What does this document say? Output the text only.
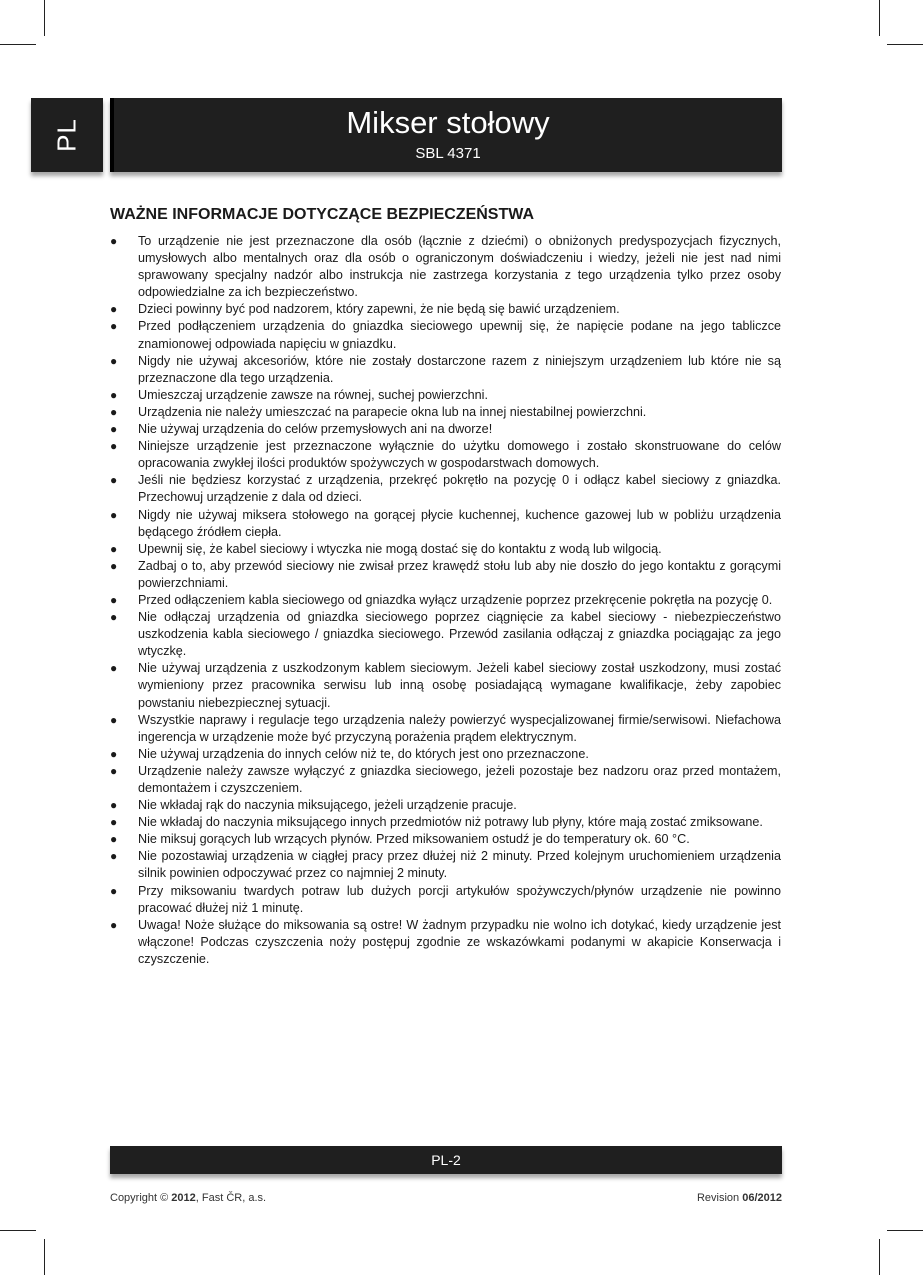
PL	Mikser stołowy
SBL 4371
WAŻNE INFORMACJE DOTYCZĄCE BEZPIECZEŃSTWA
● To urządzenie nie jest przeznaczone dla osób (łącznie z dziećmi) o obniżonych predyspozycjach fizycznych, umysłowych albo mentalnych oraz dla osób o ograniczonym doświadczeniu i wiedzy, jeżeli nie jest nad nimi sprawowany specjalny nadzór albo instrukcja nie zastrzega korzystania z tego urządzenia tylko przez osoby odpowiedzialne za ich bezpieczeństwo.
● Dzieci powinny być pod nadzorem, który zapewni, że nie będą się bawić urządzeniem.
● Przed podłączeniem urządzenia do gniazdka sieciowego upewnij się, że napięcie podane na jego tabliczce znamionowej odpowiada napięciu w gniazdku.
● Nigdy nie używaj akcesoriów, które nie zostały dostarczone razem z niniejszym urządzeniem lub które nie są przeznaczone dla tego urządzenia.
● Umieszczaj urządzenie zawsze na równej, suchej powierzchni.
● Urządzenia nie należy umieszczać na parapecie okna lub na innej niestabilnej powierzchni.
● Nie używaj urządzenia do celów przemysłowych ani na dworze!
● Niniejsze urządzenie jest przeznaczone wyłącznie do użytku domowego i zostało skonstruowane do celów opracowania zwykłej ilości produktów spożywczych w gospodarstwach domowych.
● Jeśli nie będziesz korzystać z urządzenia, przekręć pokrętło na pozycję 0 i odłącz kabel sieciowy z gniazdka. Przechowuj urządzenie z dala od dzieci.
● Nigdy nie używaj miksera stołowego na gorącej płycie kuchennej, kuchence gazowej lub w pobliżu urządzenia będącego źródłem ciepła.
● Upewnij się, że kabel sieciowy i wtyczka nie mogą dostać się do kontaktu z wodą lub wilgocią.
● Zadbaj o to, aby przewód sieciowy nie zwisał przez krawędź stołu lub aby nie doszło do jego kontaktu z gorącymi powierzchniami.
● Przed odłączeniem kabla sieciowego od gniazdka wyłącz urządzenie poprzez przekręcenie pokrętła na pozycję 0.
● Nie odłączaj urządzenia od gniazdka sieciowego poprzez ciągnięcie za kabel sieciowy - niebezpieczeństwo uszkodzenia kabla sieciowego / gniazdka sieciowego. Przewód zasilania odłączaj z gniazdka pociągając za jego wtyczkę.
● Nie używaj urządzenia z uszkodzonym kablem sieciowym. Jeżeli kabel sieciowy został uszkodzony, musi zostać wymieniony przez pracownika serwisu lub inną osobę posiadającą wymagane kwalifikacje, żeby zapobiec powstaniu niebezpiecznej sytuacji.
● Wszystkie naprawy i regulacje tego urządzenia należy powierzyć wyspecjalizowanej firmie/serwisowi. Niefachowa ingerencja w urządzenie może być przyczyną porażenia prądem elektrycznym.
● Nie używaj urządzenia do innych celów niż te, do których jest ono przeznaczone.
● Urządzenie należy zawsze wyłączyć z gniazdka sieciowego, jeżeli pozostaje bez nadzoru oraz przed montażem, demontażem i czyszczeniem.
● Nie wkładaj rąk do naczynia miksującego, jeżeli urządzenie pracuje.
● Nie wkładaj do naczynia miksującego innych przedmiotów niż potrawy lub płyny, które mają zostać zmiksowane.
● Nie miksuj gorących lub wrzących płynów. Przed miksowaniem ostudź je do temperatury ok. 60 °C.
● Nie pozostawiaj urządzenia w ciągłej pracy przez dłużej niż 2 minuty. Przed kolejnym uruchomieniem urządzenia silnik powinien odpoczywać przez co najmniej 2 minuty.
● Przy miksowaniu twardych potraw lub dużych porcji artykułów spożywczych/płynów urządzenie nie powinno pracować dłużej niż 1 minutę.
● Uwaga! Noże służące do miksowania są ostre! W żadnym przypadku nie wolno ich dotykać, kiedy urządzenie jest włączone! Podczas czyszczenia noży postępuj zgodnie ze wskazówkami podanymi w akapicie Konserwacja i czyszczenie.
PL-2
Copyright © 2012, Fast ČR, a.s.	Revision 06/2012
